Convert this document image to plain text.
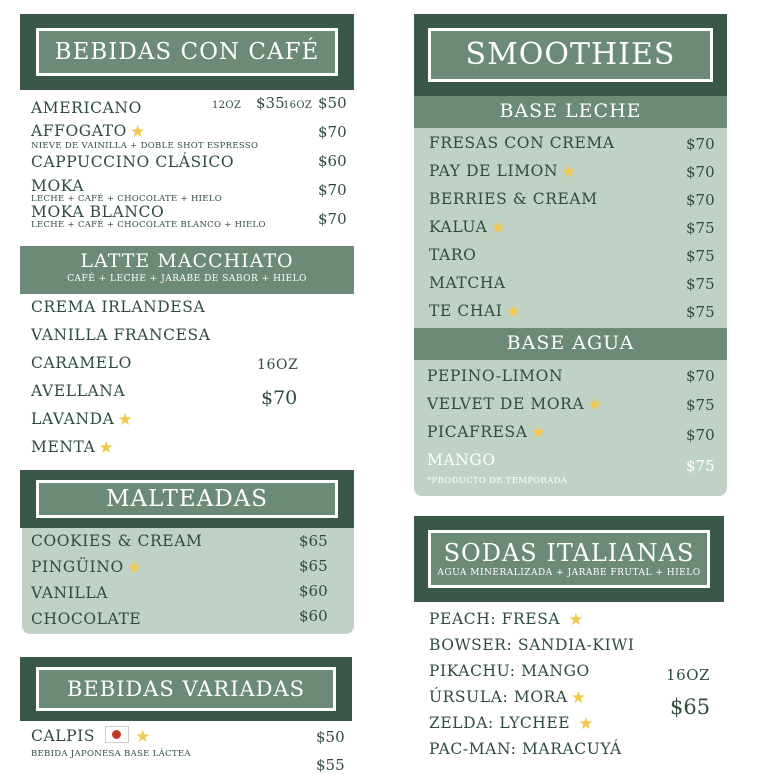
BEBIDAS CON CAFÉ
AMERICANO	12OZ $35
16OZ $50
AFFOGATO ★
NIEVE DE VAINILLA + DOBLE SHOT ESPRESSO
$70
CAPPUCCINO CLÁSICO	$60
MOKA
LECHE + CAFÉ + CHOCOLATE + HIELO	$70
MOKA BLANCO
LECHE + CAFÉ + CHOCOLATE BLANCO + HIELO	$70
LATTE MACCHIATO
CAFÉ + LECHE + JARABE DE SABOR + HIELO
CREMA IRLANDESA
VANILLA FRANCESA
CARAMELO
AVELLANA
LAVANDA ★
MENTA ★
16OZ
$70
MALTEADAS
COOKIES & CREAM	$65
PINGÜINO ★	$65
VANILLA	$60
CHOCOLATE	$60
BEBIDAS VARIADAS
CALPIS ★
BEBIDA JAPONESA BASE LÁCTEA
$50
$55
SMOOTHIES
BASE LECHE
FRESAS CON CREMA	$70
PAY DE LIMON ★	$70
BERRIES & CREAM	$70
KALUA ★	$75
TARO	$75
MATCHA	$75
TE CHAI ★	$75
BASE AGUA
PEPINO-LIMON	$70
VELVET DE MORA ★	$75
PICAFRESA ★	$70
MANGO	$75
*PRODUCTO DE TEMPORADA
SODAS ITALIANAS
AGUA MINERALIZADA + JARABE FRUTAL + HIELO
PEACH: FRESA ★
BOWSER: SANDIA-KIWI
PIKACHU: MANGO
ÚRSULA: MORA ★
ZELDA: LYCHEE ★
PAC-MAN: MARACUYÁ
16OZ
$65
